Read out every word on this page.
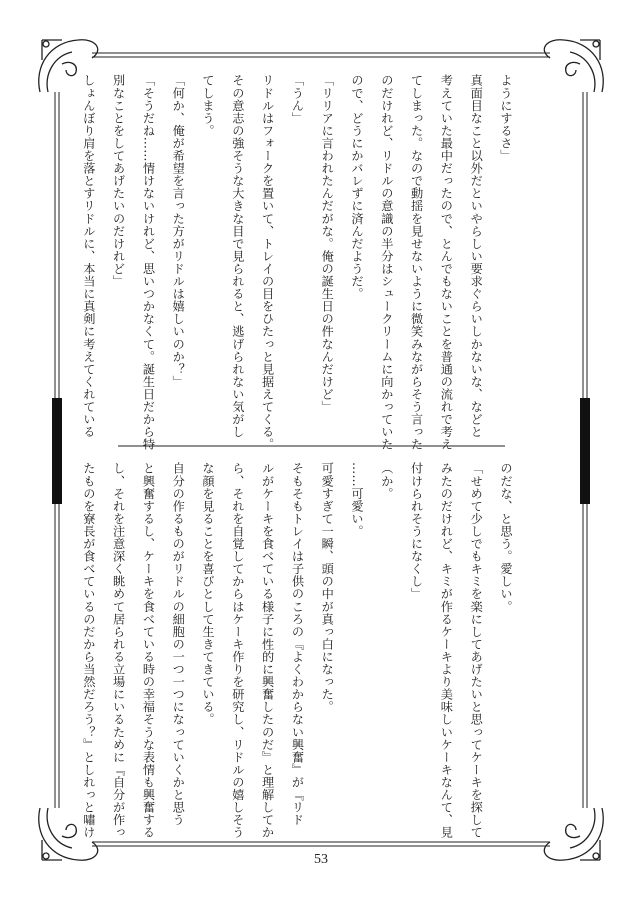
ようにするさ」
真面目なこと以外だといやらしい要求ぐらいしかないな、などと
考えていた最中だったので、とんでもないことを普通の流れで考え
てしまった。なので動揺を見せないように微笑みながらそう言った
のだけれど、リドルの意識の半分はシュークリームに向かっていた
ので、どうにかバレずに済んだようだ。
「リリアに言われたんだがな。俺の誕生日の件なんだけど」
「うん」
リドルはフォークを置いて、トレイの目をひたっと見据えてくる。
その意志の強そうな大きな目で見られると、逃げられない気がし
てしまう。
「何か、俺が希望を言った方がリドルは嬉しいのか？」
「そうだね……情けないけれど、思いつかなくて。誕生日だから特
別なことをしてあげたいのだけれど」
しょんぼり肩を落とすリドルに、本当に真剣に考えてくれている
のだな、と思う。愛しい。
「せめて少しでもキミを楽にしてあげたいと思ってケーキを探して
みたのだけれど、キミが作るケーキより美味しいケーキなんて、見
付けられそうになくし」
（か。
……可愛い。
可愛すぎて一瞬、頭の中が真っ白になった。
そもそもトレイは子供のころの『よくわからない興奮』が『リド
ルがケーキを食べている様子に性的に興奮したのだ』と理解してか
ら、それを自覚してからはケーキ作りを研究し、リドルの嬉しそう
な顔を見ることを喜びとして生きてきている。
自分の作るものがリドルの細胞の一つ一つになっていくかと思う
と興奮するし、ケーキを食べている時の幸福そうな表情も興奮する
し、それを注意深く眺めて居られる立場にいるために『自分が作っ
たものを寮長が食べているのだから当然だろう？』としれっと嘯け
53
